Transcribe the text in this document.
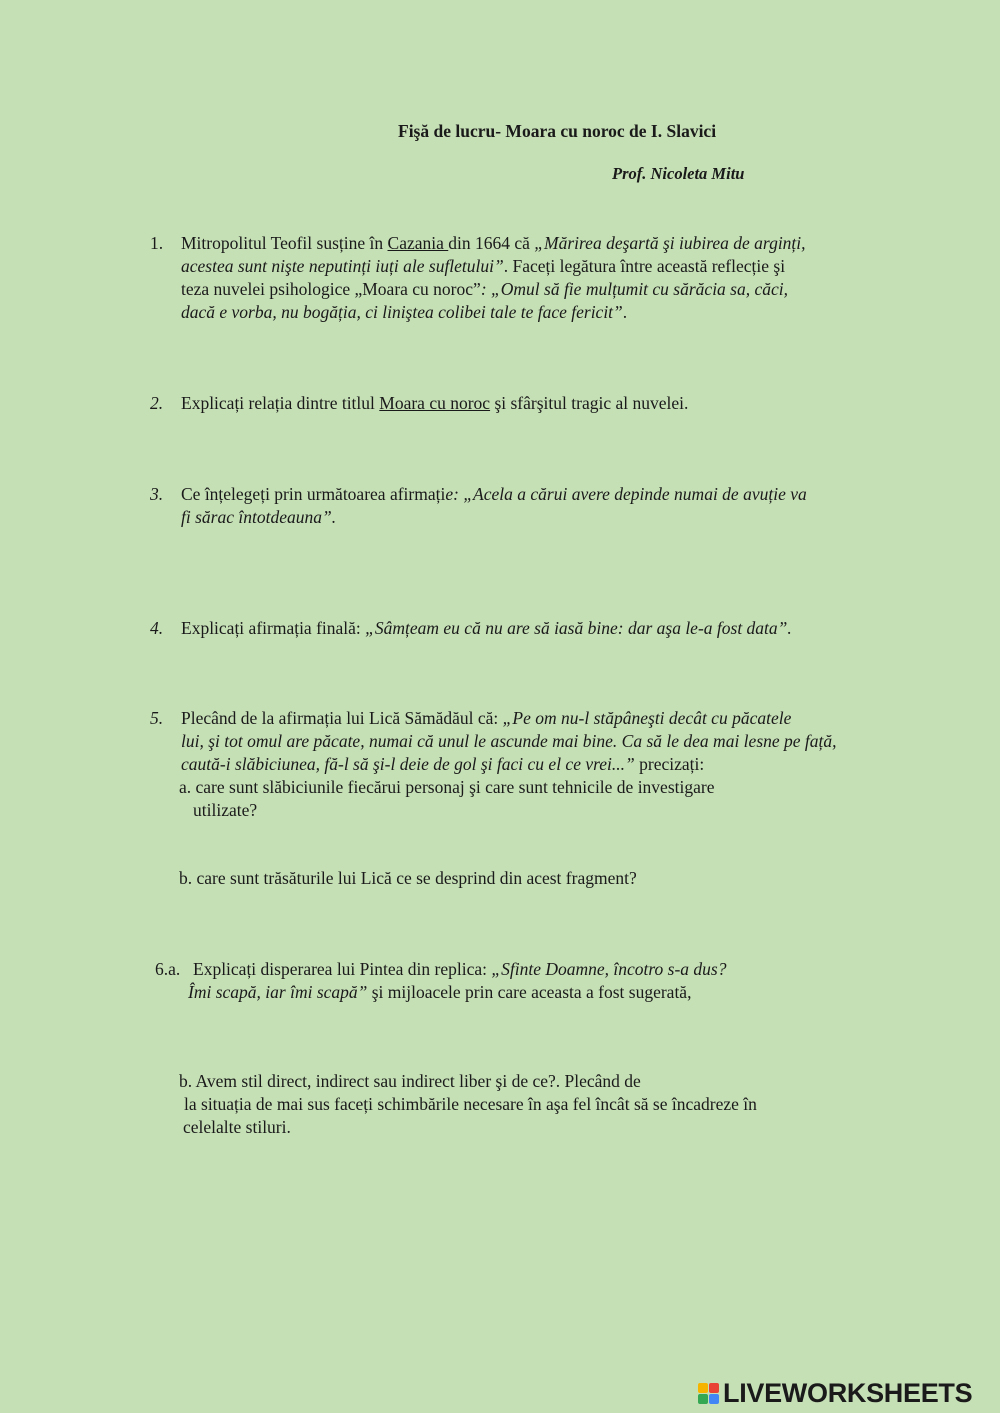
Fişă de lucru- Moara cu noroc de I. Slavici
Prof. Nicoleta Mitu
1. Mitropolitul Teofil susține în Cazania din 1664 că „Mărirea deşartă şi iubirea de arginți,
acestea sunt nişte neputinți iuți ale sufletului”. Faceți legătura între această reflecție şi
teza nuvelei psihologice „Moara cu noroc”: „Omul să fie mulțumit cu sărăcia sa, căci,
dacă e vorba, nu bogăția, ci liniştea colibei tale te face fericit”.
2. Explicați relația dintre titlul Moara cu noroc şi sfârşitul tragic al nuvelei.
3. Ce înțelegeți prin următoarea afirmație: „Acela a cărui avere depinde numai de avuție va
fi sărac întotdeauna”.
4. Explicați afirmația finală: „Sâmțeam eu că nu are să iasă bine: dar aşa le-a fost data”.
5. Plecând de la afirmația lui Lică Sămădăul că: „Pe om nu-l stăpâneşti decât cu păcatele
lui, şi tot omul are păcate, numai că unul le ascunde mai bine. Ca să le dea mai lesne pe față,
caută-i slăbiciunea, fă-l să şi-l deie de gol şi faci cu el ce vrei...” precizați:
a. care sunt slăbiciunile fiecărui personaj şi care sunt tehnicile de investigare
utilizate?
b. care sunt trăsăturile lui Lică ce se desprind din acest fragment?
6.a. Explicați disperarea lui Pintea din replica: „Sfinte Doamne, încotro s-a dus?
Îmi scapă, iar îmi scapă” şi mijloacele prin care aceasta a fost sugerată,
b. Avem stil direct, indirect sau indirect liber şi de ce?. Plecând de
la situația de mai sus faceți schimbările necesare în aşa fel încât să se încadreze în
celelalte stiluri.
LIVEWORKSHEETS
